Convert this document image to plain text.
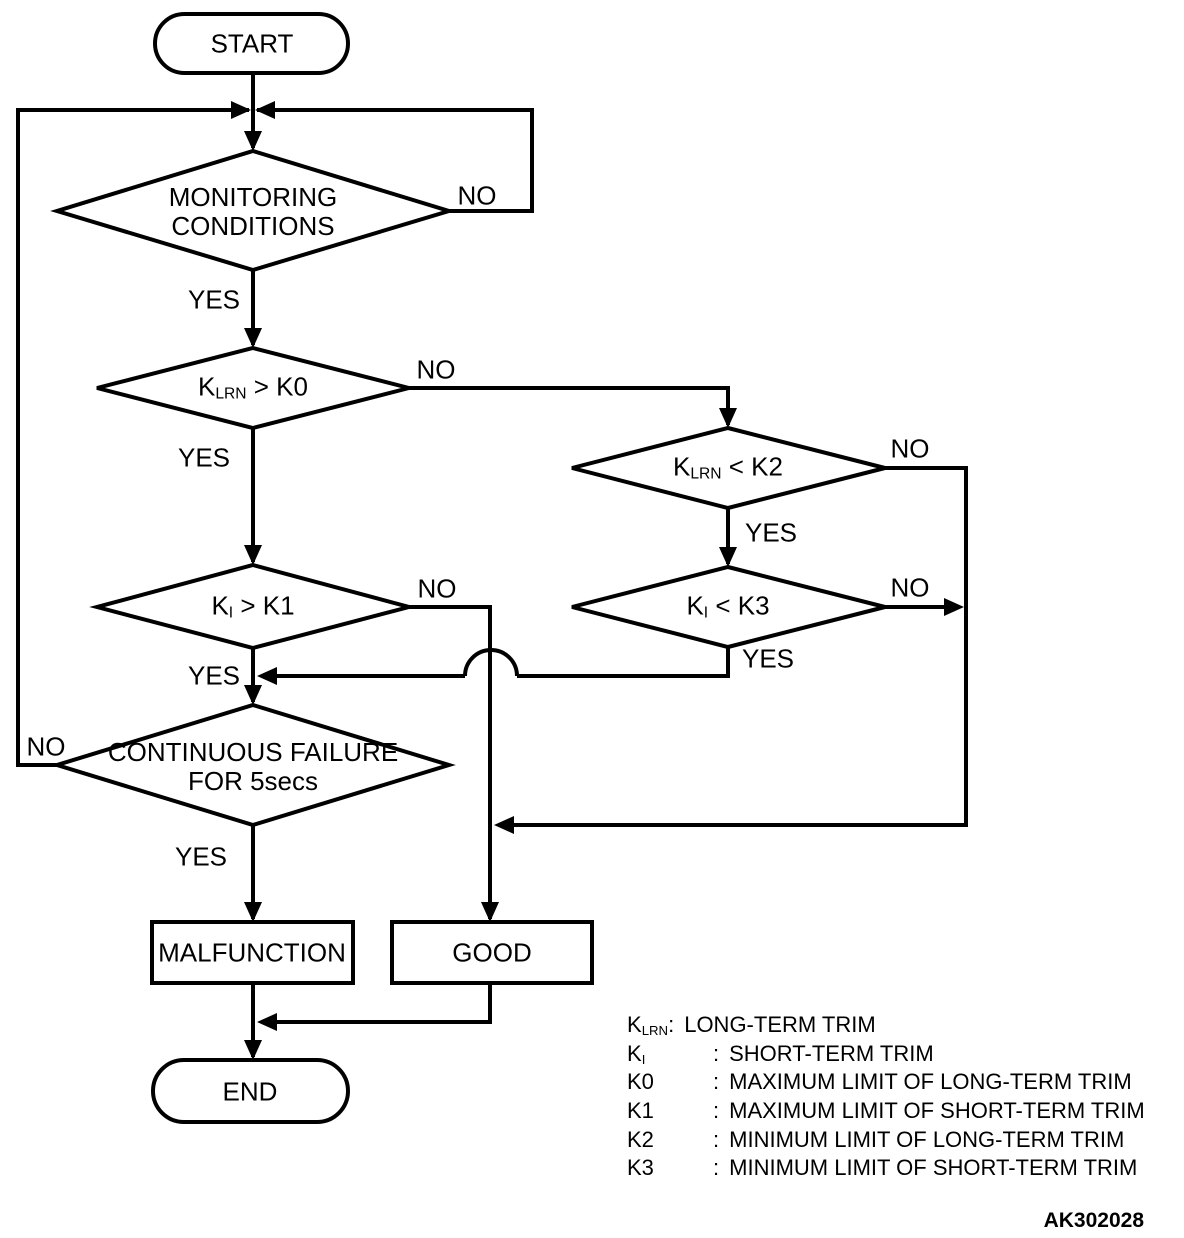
START
MONITORING
CONDITIONS
KLRN > K0
KLRN < K2
KI > K1	KI < K3
CONTINUOUS FAILURE
FOR 5secs
MALFUNCTION	GOOD
END
NO
YES
NO
YES	NO
YES
NO
YES
NO
YES
NO
YES
KLRN: LONG-TERM TRIM
KI	: SHORT-TERM TRIM
K0	: MAXIMUM LIMIT OF LONG-TERM TRIM
K1	: MAXIMUM LIMIT OF SHORT-TERM TRIM
K2	: MINIMUM LIMIT OF LONG-TERM TRIM
K3	: MINIMUM LIMIT OF SHORT-TERM TRIM
AK302028
